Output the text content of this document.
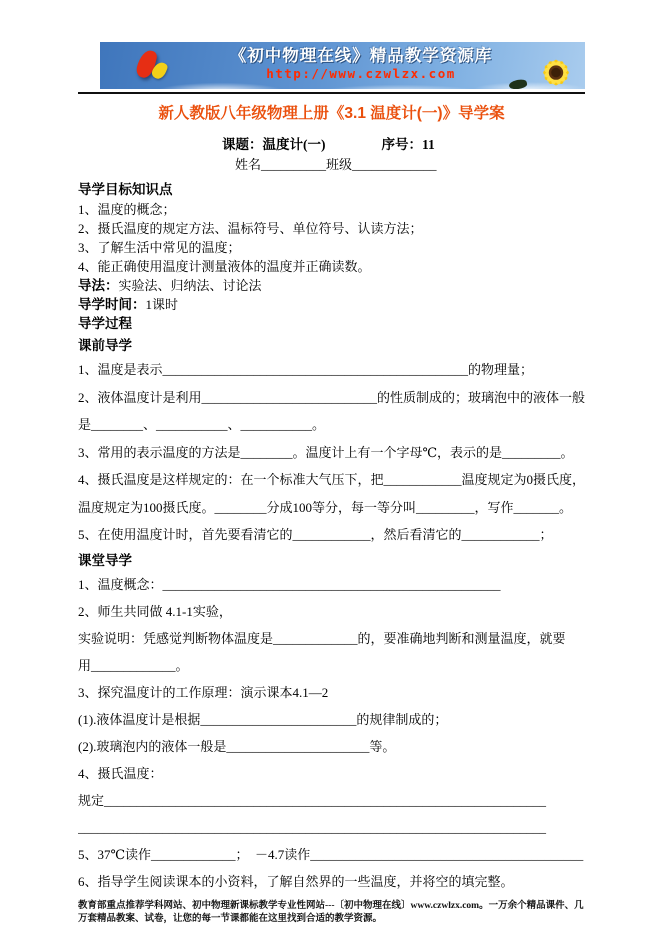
《初中物理在线》精品教学资源库
http://www.czwlzx.com
新人教版八年级物理上册《3.1 温度计(一)》导学案
课题：温度计(一)	序号：11
姓名__________班级_____________
导学目标知识点
1、温度的概念；
2、摄氏温度的规定方法、温标符号、单位符号、认读方法；
3、了解生活中常见的温度；
4、能正确使用温度计测量液体的温度并正确读数。
导法：实验法、归纳法、讨论法
导学时间：1课时
导学过程
课前导学
1、温度是表示_______________________________________________的物理量；
2、液体温度计是利用___________________________的性质制成的；玻璃泡中的液体一般
是________、___________、___________。
3、常用的表示温度的方法是________。温度计上有一个字母℃，表示的是_________。
4、摄氏温度是这样规定的：在一个标准大气压下，把____________温度规定为0摄氏度，
温度规定为100摄氏度。________分成100等分，每一等分叫_________，写作_______。
5、在使用温度计时，首先要看清它的____________，然后看清它的____________；
课堂导学
1、温度概念：____________________________________________________
2、师生共同做 4.1-1实验，
实验说明：凭感觉判断物体温度是_____________的，要准确地判断和测量温度，就要
用_____________。
3、探究温度计的工作原理：演示课本4.1—2
(1).液体温度计是根据________________________的规律制成的；
(2).玻璃泡内的液体一般是______________________等。
4、摄氏温度：
规定____________________________________________________________________
________________________________________________________________________
5、37℃读作_____________；　－4.7读作__________________________________________
6、指导学生阅读课本的小资料，了解自然界的一些温度，并将空的填完整。
教育部重点推荐学科网站、初中物理新课标教学专业性网站---〔初中物理在线〕www.czwlzx.com。一万余个精品课件、几万套精品教案、试卷，让您的每一节课都能在这里找到合适的教学资源。
